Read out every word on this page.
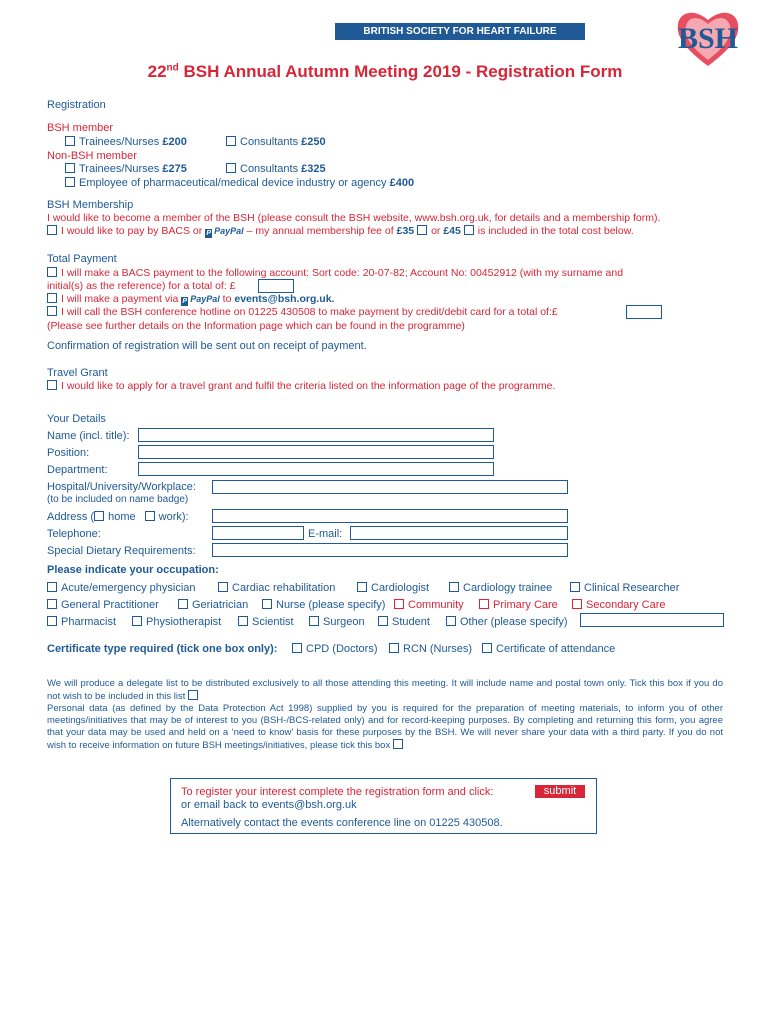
BRITISH SOCIETY FOR HEART FAILURE	BSH
22nd BSH Annual Autumn Meeting 2019 - Registration Form
Registration
BSH member
Trainees/Nurses £200	Consultants £250
Non-BSH member
Trainees/Nurses £275	Consultants £325
Employee of pharmaceutical/medical device industry or agency £400
BSH Membership
I would like to become a member of the BSH (please consult the BSH website, www.bsh.org.uk, for details and a membership form).
I would like to pay by BACS or P PayPal – my annual membership fee of £35 or £45 is included in the total cost below.
Total Payment
I will make a BACS payment to the following account: Sort code: 20-07-82; Account No: 00452912 (with my surname and
initial(s) as the reference) for a total of: £
I will make a payment via P PayPal to events@bsh.org.uk.
I will call the BSH conference hotline on 01225 430508 to make payment by credit/debit card for a total of:£
(Please see further details on the Information page which can be found in the programme)
Confirmation of registration will be sent out on receipt of payment.
Travel Grant
I would like to apply for a travel grant and fulfil the criteria listed on the information page of the programme.
Your Details
Name (incl. title):
Position:
Department:
Hospital/University/Workplace:
(to be included on name badge)
Address ( home work):
Telephone:	E-mail:
Special Dietary Requirements:
Please indicate your occupation:
Acute/emergency physician	Cardiac rehabilitation	Cardiologist	Cardiology trainee	Clinical Researcher
General Practitioner	Geriatrician	Nurse (please specify)	Community	Primary Care	Secondary Care
Pharmacist	Physiotherapist	Scientist	Surgeon	Student	Other (please specify)
Certificate type required (tick one box only):	CPD (Doctors)	RCN (Nurses)	Certificate of attendance
We will produce a delegate list to be distributed exclusively to all those attending this meeting. It will include name and postal town only. Tick this box if you do not wish to be included in this list
Personal data (as defined by the Data Protection Act 1998) supplied by you is required for the preparation of meeting materials, to inform you of other meetings/initiatives that may be of interest to you (BSH-/BCS-related only) and for record-keeping purposes. By completing and returning this form, you agree that your data may be used and held on a ‘need to know’ basis for these purposes by the BSH. We will never share your data with a third party. If you do not wish to receive information on future BSH meetings/initiatives, please tick this box
To register your interest complete the registration form and click:	submit
or email back to events@bsh.org.uk
Alternatively contact the events conference line on 01225 430508.
